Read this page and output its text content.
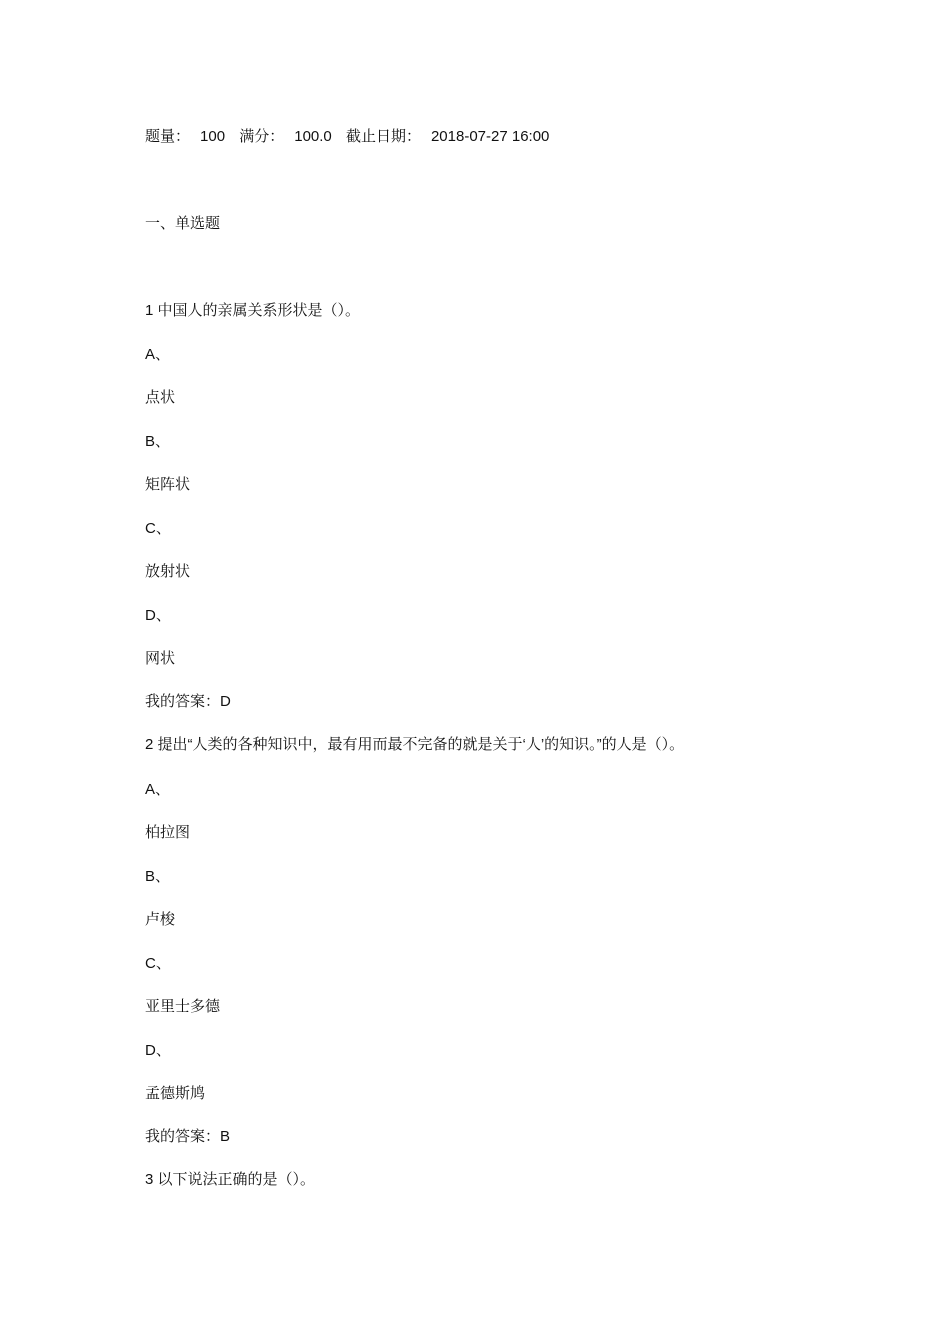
题量： 100 满分： 100.0 截止日期： 2018-07-27 16:00
一、单选题
1 中国人的亲属关系形状是（）。
A、
点状
B、
矩阵状
C、
放射状
D、
网状
我的答案：D
2 提出“人类的各种知识中，最有用而最不完备的就是关于‘人’的知识。”的人是（）。
A、
柏拉图
B、
卢梭
C、
亚里士多德
D、
孟德斯鸠
我的答案：B
3 以下说法正确的是（）。
